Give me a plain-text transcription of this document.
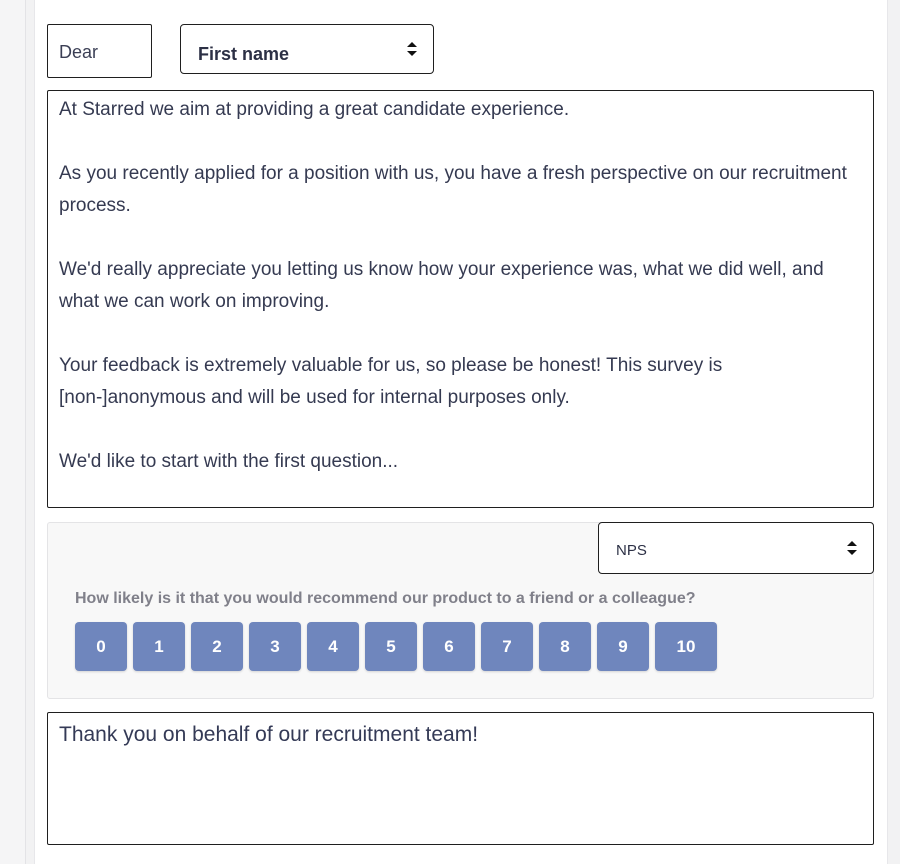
Dear	First name

At Starred we aim at providing a great candidate experience.

As you recently applied for a position with us, you have a fresh perspective on our recruitment process.

We'd really appreciate you letting us know how your experience was, what we did well, and what we can work on improving.

Your feedback is extremely valuable for us, so please be honest! This survey is [non-]anonymous and will be used for internal purposes only.

We'd like to start with the first question...

NPS
How likely is it that you would recommend our product to a friend or a colleague?
0	1	2	3	4	5	6	7	8	9	10
Thank you on behalf of our recruitment team!
